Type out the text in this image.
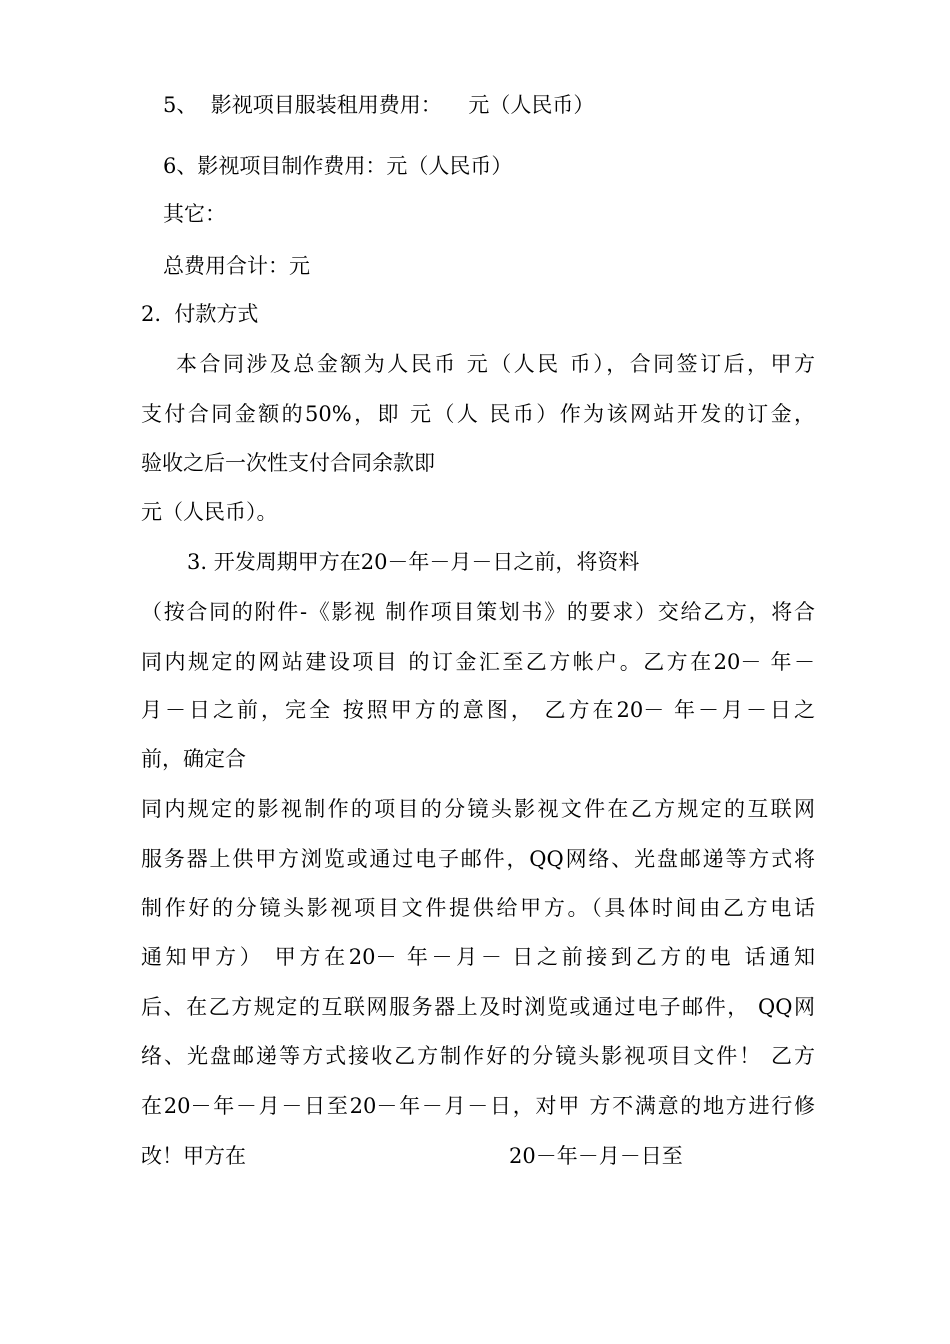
5、  影视项目服装租用费用：    元（人民币）
6、影视项目制作费用：元（人民币）
其它：
总费用合计：元
2.  付款方式
本合同涉及总金额为人民币 元（人民 币），合同签订后，甲方
支付合同金额的50%，即 元（人 民币）作为该网站开发的订金，
验收之后一次性支付合同余款即
元（人民币）。
3. 开发周期甲方在20－年－月－日之前，将资料
（按合同的附件-《影视 制作项目策划书》的要求）交给乙方，将合
同内规定的网站建设项目 的订金汇至乙方帐户。乙方在20－ 年－
月－日之前，完全 按照甲方的意图， 乙方在20－ 年－月－日之
前，确定合
同内规定的影视制作的项目的分镜头影视文件在乙方规定的互联网
服务器上供甲方浏览或通过电子邮件，QQ网络、光盘邮递等方式将
制作好的分镜头影视项目文件提供给甲方。（具体时间由乙方电话
通知甲方） 甲方在20－ 年－月－ 日之前接到乙方的电 话通知
后、在乙方规定的互联网服务器上及时浏览或通过电子邮件， QQ网
络、光盘邮递等方式接收乙方制作好的分镜头影视项目文件！ 乙方
在20－年－月－日至20－年－月－日，对甲 方不满意的地方进行修
改！甲方在	20－年－月－日至
